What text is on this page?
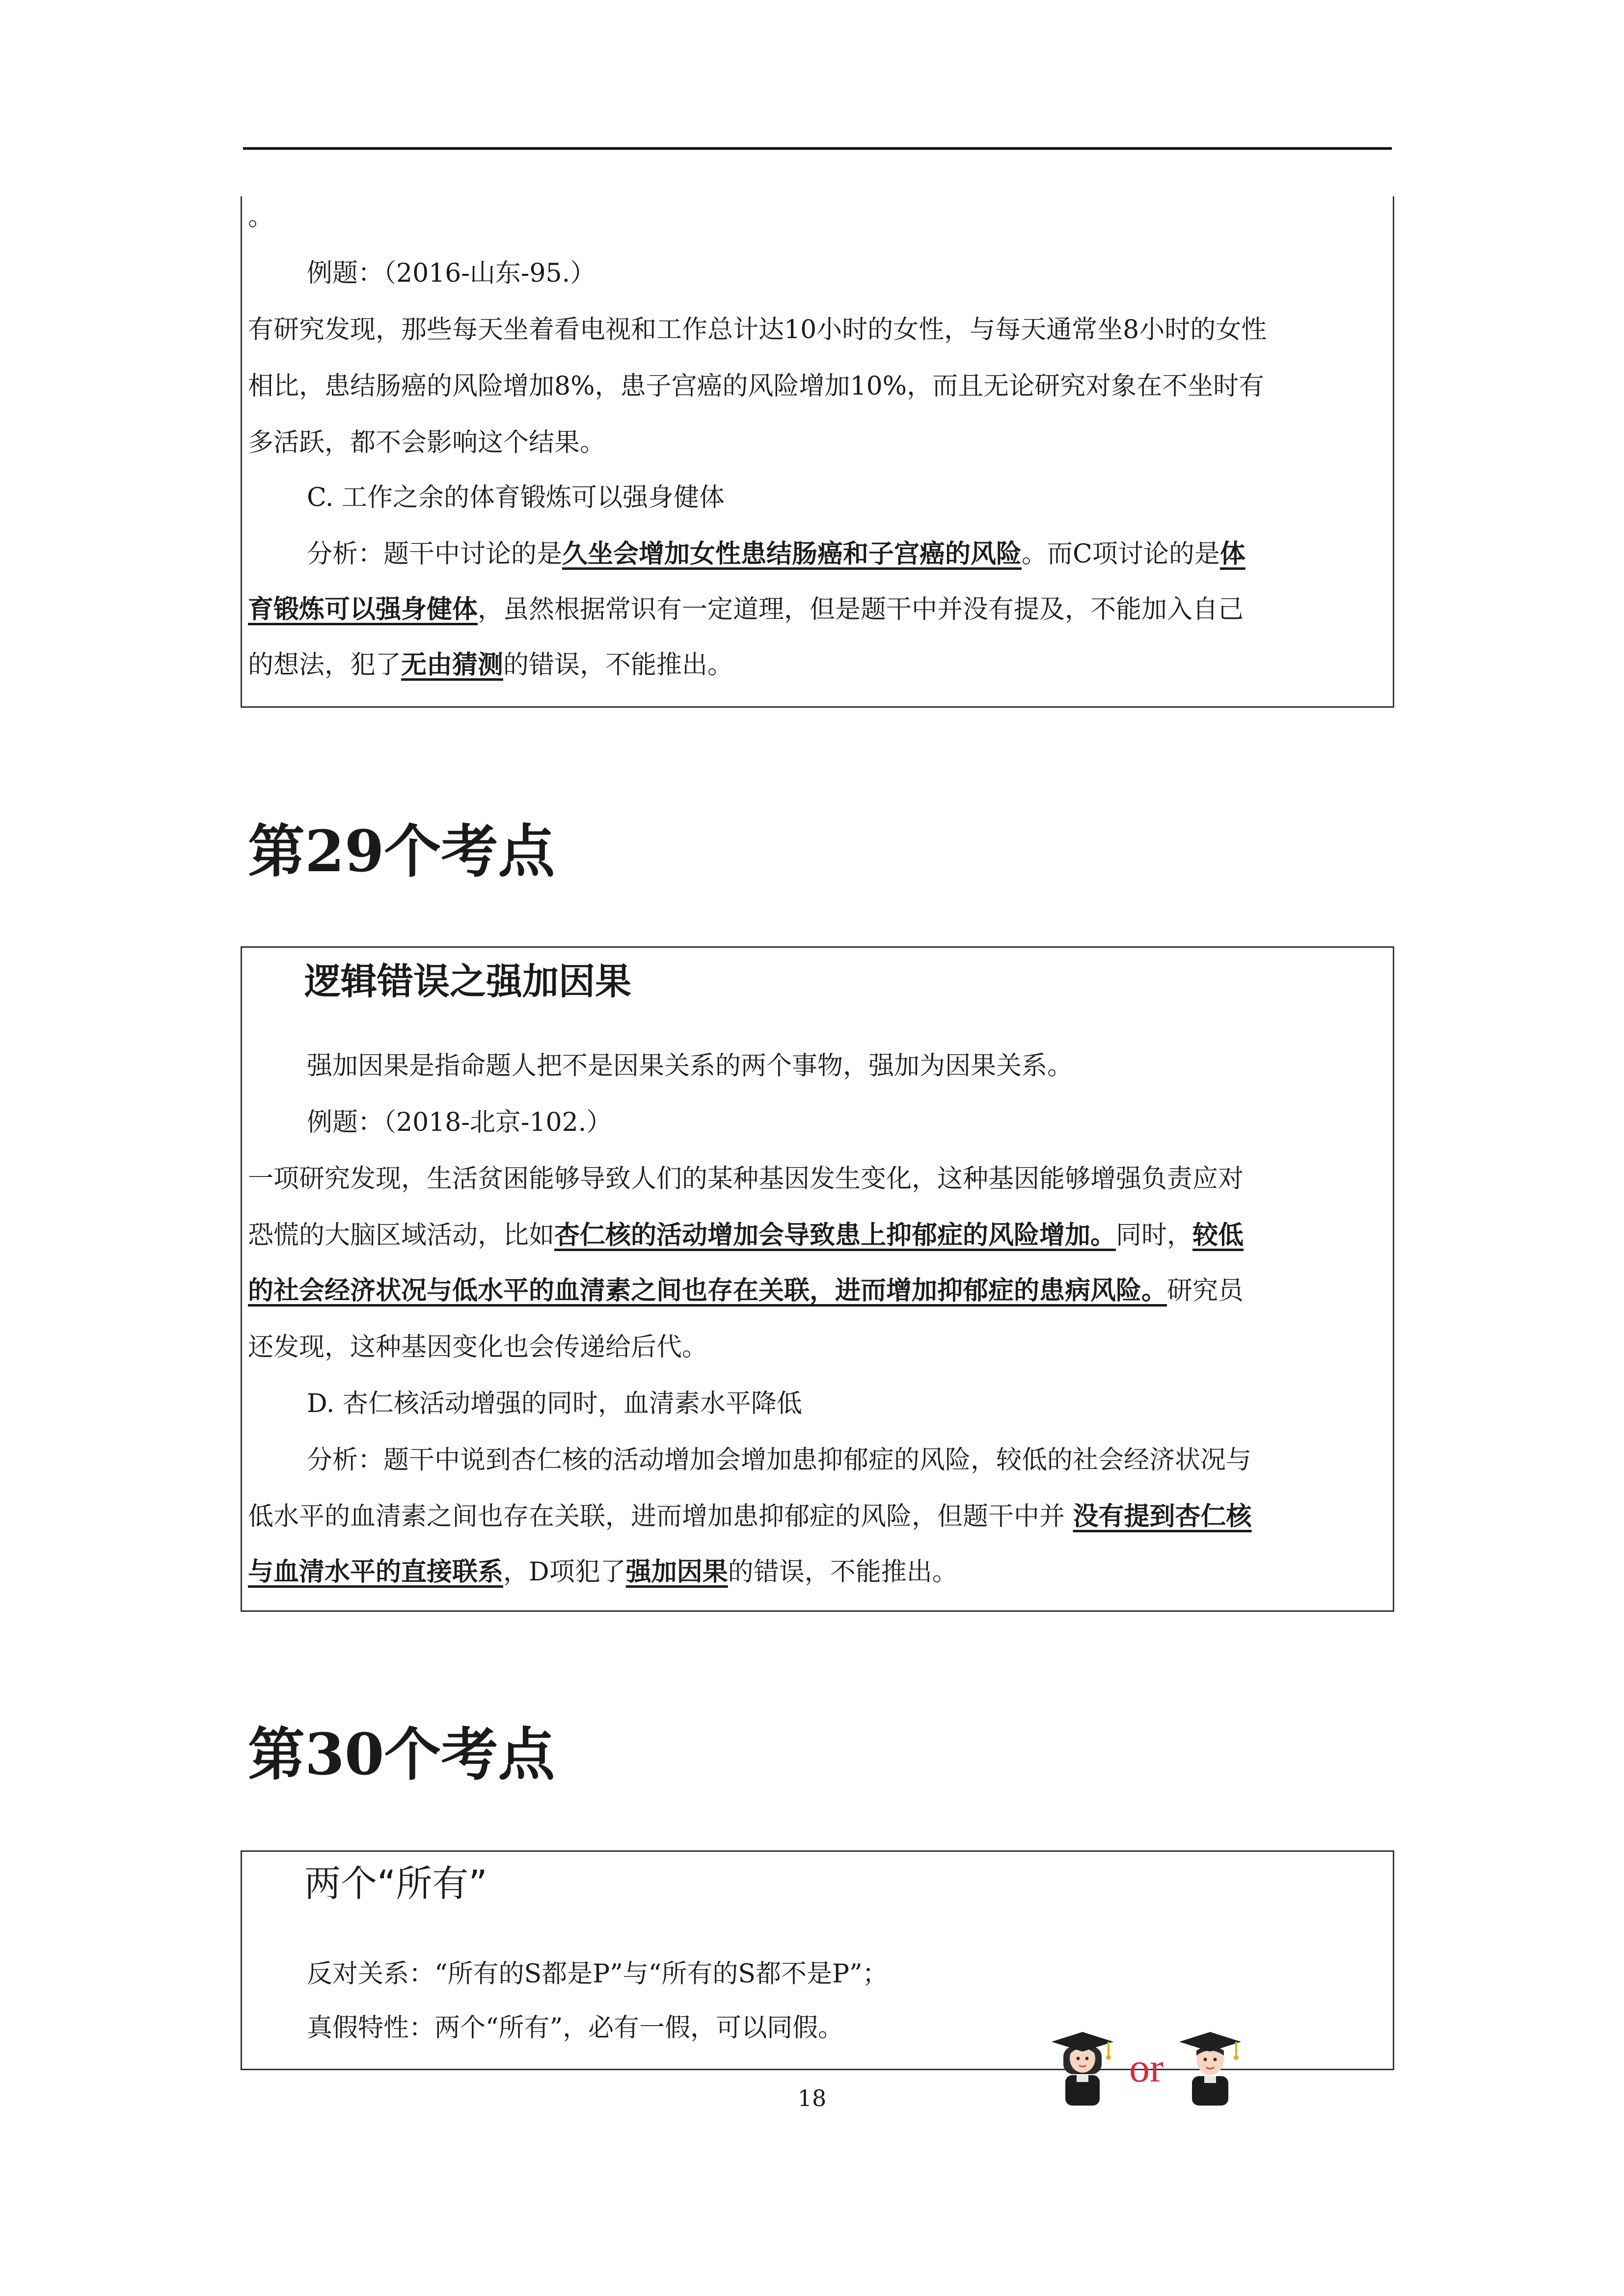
。
例题：（2016-山东-95.）
有研究发现，那些每天坐着看电视和工作总计达10小时的女性，与每天通常坐8小时的女性
相比，患结肠癌的风险增加8%，患子宫癌的风险增加10%，而且无论研究对象在不坐时有
多活跃，都不会影响这个结果。
C. 工作之余的体育锻炼可以强身健体
分析：题干中讨论的是久坐会增加女性患结肠癌和子宫癌的风险。而C项讨论的是体
育锻炼可以强身健体，虽然根据常识有一定道理，但是题干中并没有提及，不能加入自己
的想法，犯了无由猜测的错误，不能推出。
第29个考点
逻辑错误之强加因果
强加因果是指命题人把不是因果关系的两个事物，强加为因果关系。
例题：（2018-北京-102.）
一项研究发现，生活贫困能够导致人们的某种基因发生变化，这种基因能够增强负责应对
恐慌的大脑区域活动，比如杏仁核的活动增加会导致患上抑郁症的风险增加。同时，较低
的社会经济状况与低水平的血清素之间也存在关联，进而增加抑郁症的患病风险。研究员
还发现，这种基因变化也会传递给后代。
D. 杏仁核活动增强的同时，血清素水平降低
分析：题干中说到杏仁核的活动增加会增加患抑郁症的风险，较低的社会经济状况与
低水平的血清素之间也存在关联，进而增加患抑郁症的风险，但题干中并 没有提到杏仁核
与血清水平的直接联系，D项犯了强加因果的错误，不能推出。
第30个考点
两个“所有”
反对关系：“所有的S都是P”与“所有的S都不是P”；
真假特性：两个“所有”，必有一假，可以同假。
18
or
